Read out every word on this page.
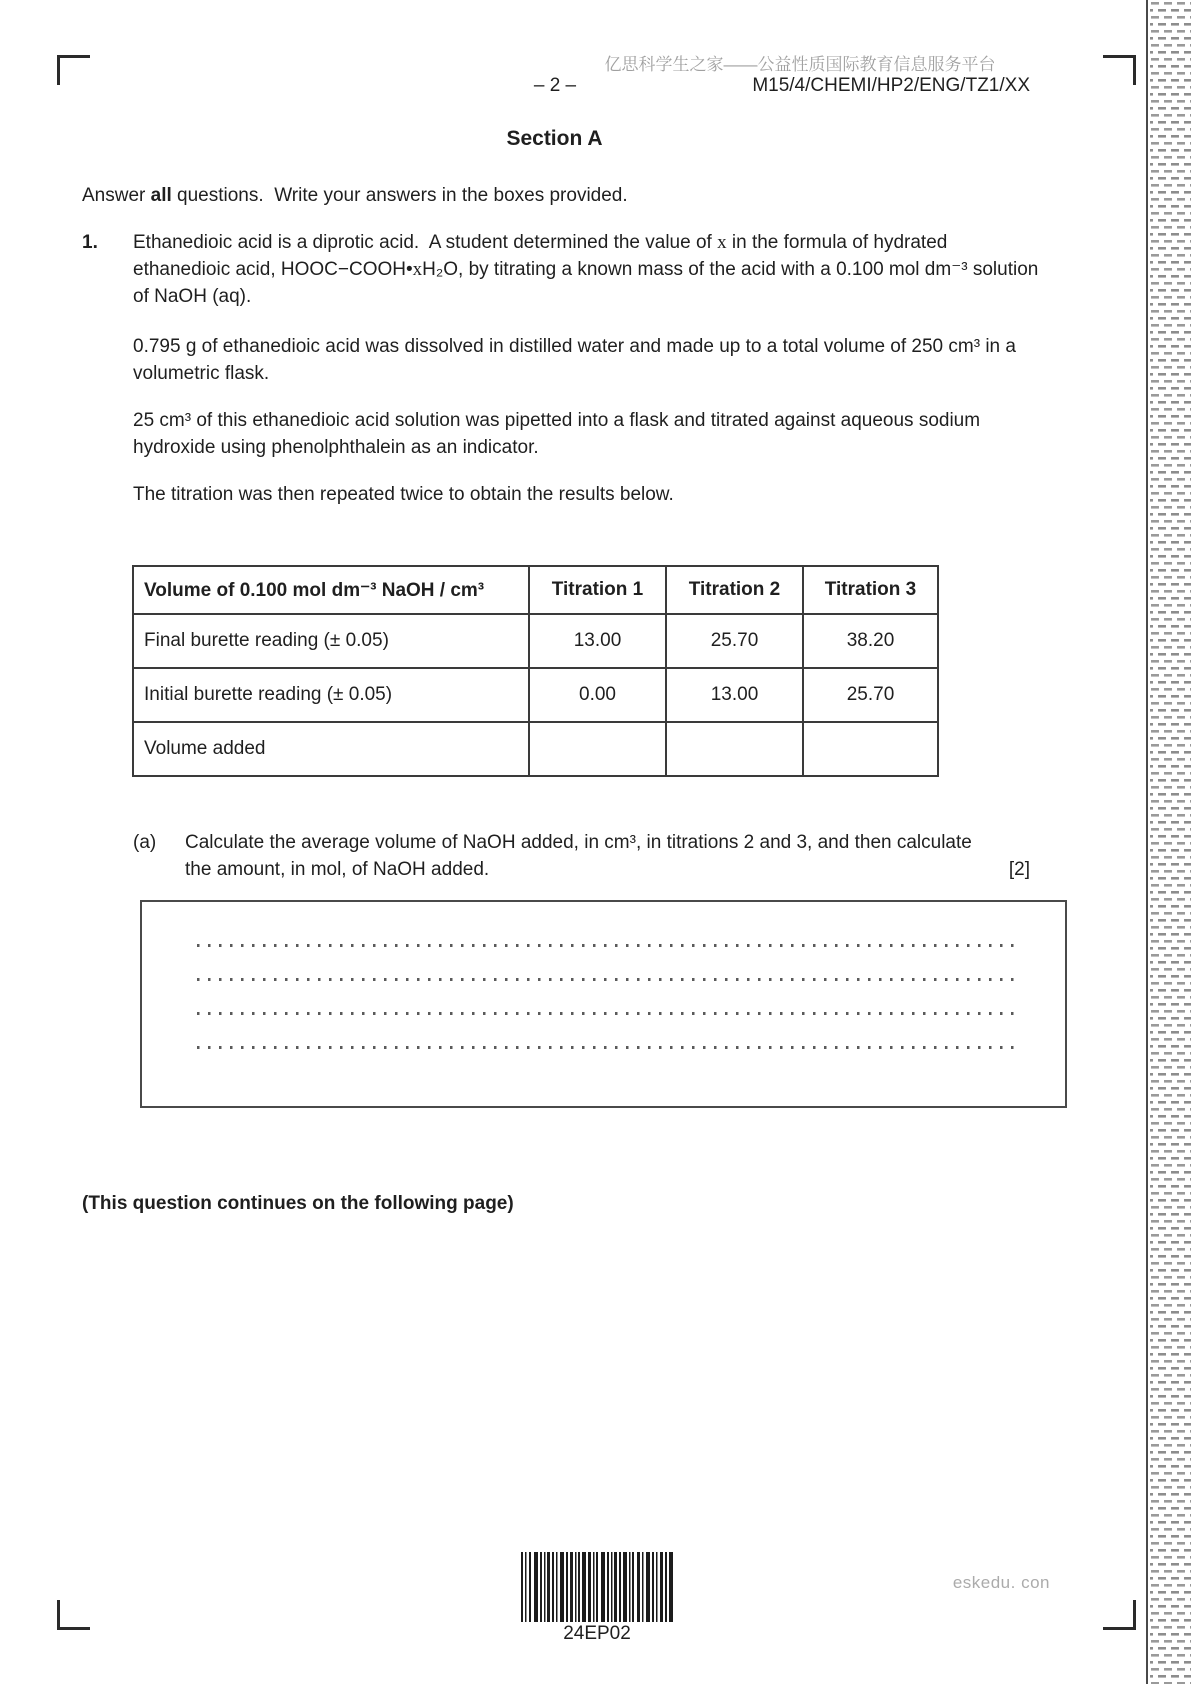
亿思科学生之家——公益性质国际教育信息服务平台
– 2 –	M15/4/CHEMI/HP2/ENG/TZ1/XX
Section A
Answer all questions.  Write your answers in the boxes provided.
1. Ethanedioic acid is a diprotic acid.  A student determined the value of x in the formula of hydrated ethanedioic acid, HOOC−COOH•xH₂O, by titrating a known mass of the acid with a 0.100 mol dm⁻³ solution of NaOH (aq).
0.795 g of ethanedioic acid was dissolved in distilled water and made up to a total volume of 250 cm³ in a volumetric flask.
25 cm³ of this ethanedioic acid solution was pipetted into a flask and titrated against aqueous sodium hydroxide using phenolphthalein as an indicator.
The titration was then repeated twice to obtain the results below.
Volume of 0.100 mol dm⁻³ NaOH / cm³	Titration 1	Titration 2	Titration 3
Final burette reading (± 0.05)	13.00	25.70	38.20
Initial burette reading (± 0.05)	0.00	13.00	25.70
Volume added			
(a) Calculate the average volume of NaOH added, in cm³, in titrations 2 and 3, and then calculate the amount, in mol, of NaOH added.	[2]
(This question continues on the following page)
24EP02
eskedu. con
